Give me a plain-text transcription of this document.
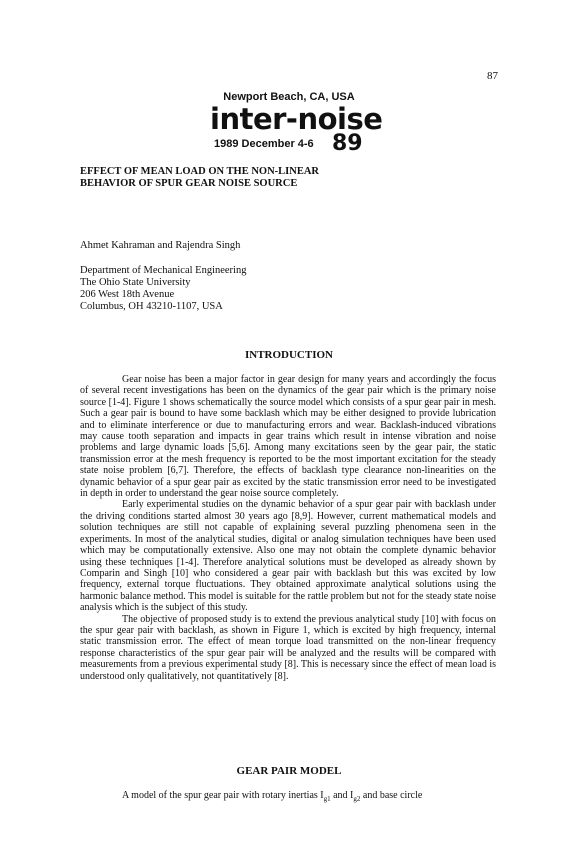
87
Newport Beach, CA, USA
inter-noise
1989 December 4-6 89
EFFECT OF MEAN LOAD ON THE NON-LINEAR
BEHAVIOR OF SPUR GEAR NOISE SOURCE
Ahmet Kahraman and Rajendra Singh
Department of Mechanical Engineering
The Ohio State University
206 West 18th Avenue
Columbus, OH 43210-1107, USA
INTRODUCTION

Gear noise has been a major factor in gear design for many years and accordingly the focus of several recent investigations has been on the dynamics of the gear pair which is the primary noise source [1-4]. Figure 1 shows schematically the source model which consists of a spur gear pair in mesh. Such a gear pair is bound to have some backlash which may be either designed to provide lubrication and to eliminate interference or due to manufacturing errors and wear. Backlash-induced vibrations may cause tooth separation and impacts in gear trains which result in intense vibration and noise problems and large dynamic loads [5,6]. Among many excitations seen by the gear pair, the static transmission error at the mesh frequency is reported to be the most important excitation for the steady state noise problem [6,7]. Therefore, the effects of backlash type clearance non-linearities on the dynamic behavior of a spur gear pair as excited by the static transmission error need to be investigated in depth in order to understand the gear noise source completely.

Early experimental studies on the dynamic behavior of a spur gear pair with backlash under the driving conditions started almost 30 years ago [8,9]. However, current mathematical models and solution techniques are still not capable of explaining several puzzling phenomena seen in the experiments. In most of the analytical studies, digital or analog simulation techniques have been used which may be computationally extensive. Also one may not obtain the complete dynamic behavior using these techniques [1-4]. Therefore analytical solutions must be developed as already shown by Comparin and Singh [10] who considered a gear pair with backlash but this was excited by low frequency, external torque fluctuations. They obtained approximate analytical solutions using the harmonic balance method. This model is suitable for the rattle problem but not for the steady state noise analysis which is the subject of this study.

The objective of proposed study is to extend the previous analytical study [10] with focus on the spur gear pair with backlash, as shown in Figure 1, which is excited by high frequency, internal static transmission error. The effect of mean torque load transmitted on the non-linear frequency response characteristics of the spur gear pair will be analyzed and the results will be compared with measurements from a previous experimental study [8]. This is necessary since the effect of mean load is understood only qualitatively, not quantitatively [8].

GEAR PAIR MODEL

A model of the spur gear pair with rotary inertias $I_{g1}$ and $I_{g2}$ and base circle
